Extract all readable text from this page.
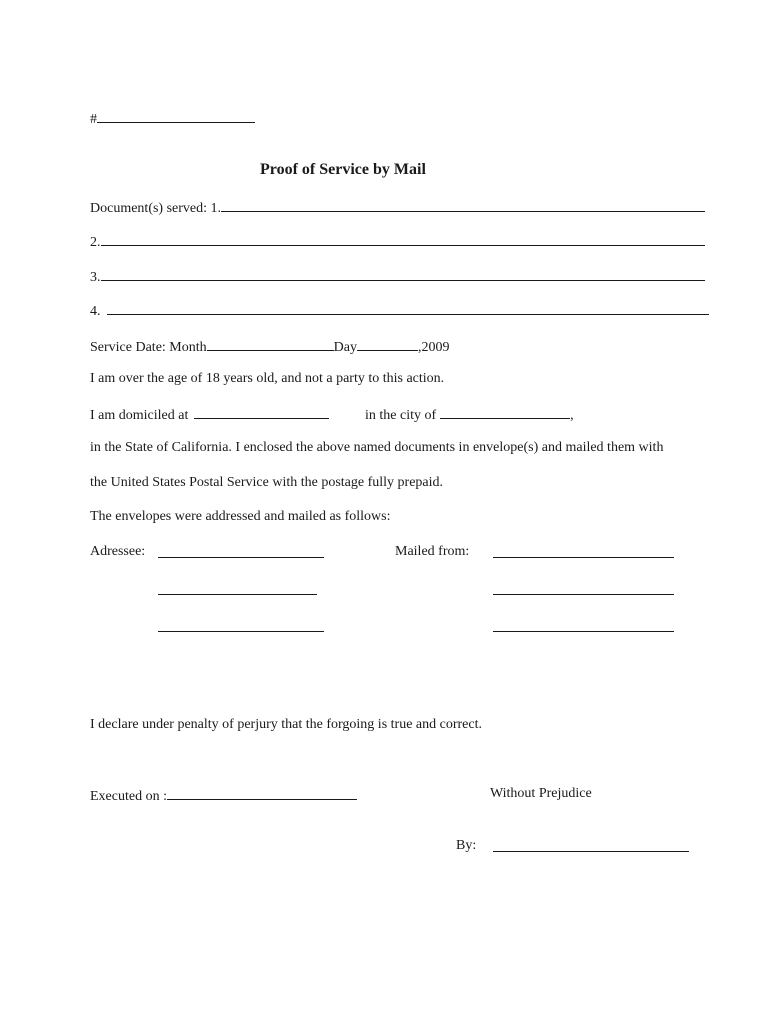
#
Proof of Service by Mail
Document(s) served: 1.
2.
3.
4.
Service Date: Month	Day	,2009
I am over the age of 18 years old, and not a party to this action.
I am domiciled at	in the city of	,
in the State of California. I enclosed the above named documents in envelope(s) and mailed them with
the United States Postal Service with the postage fully prepaid.
The envelopes were addressed and mailed as follows:
Adressee:	Mailed from:
I declare under penalty of perjury that the forgoing is true and correct.
Executed on :	Without Prejudice
By:
